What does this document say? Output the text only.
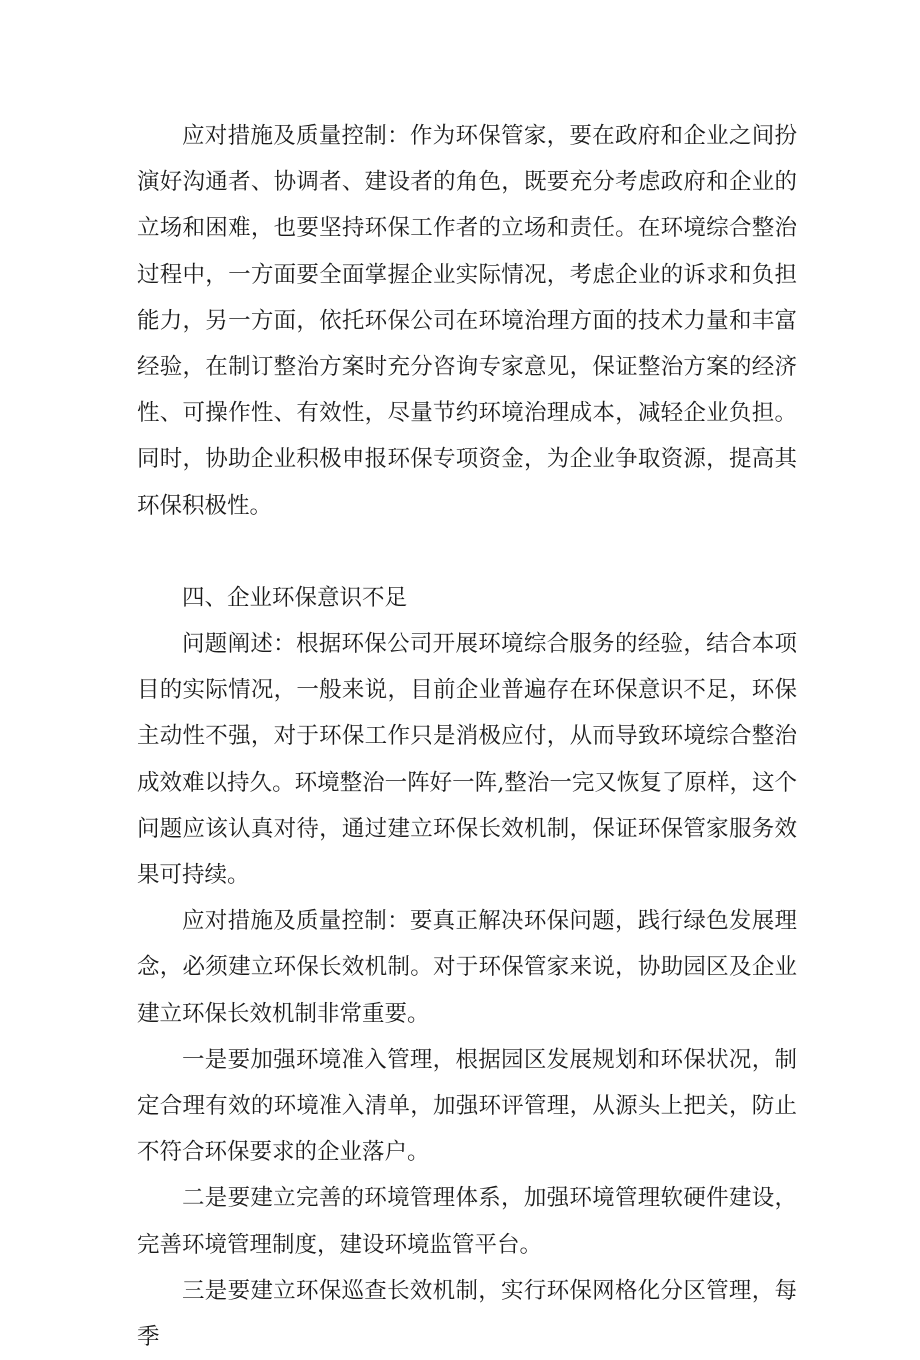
应对措施及质量控制：作为环保管家，要在政府和企业之间扮演好沟通者、协调者、建设者的角色，既要充分考虑政府和企业的立场和困难，也要坚持环保工作者的立场和责任。在环境综合整治过程中，一方面要全面掌握企业实际情况，考虑企业的诉求和负担能力，另一方面，依托环保公司在环境治理方面的技术力量和丰富经验，在制订整治方案时充分咨询专家意见，保证整治方案的经济性、可操作性、有效性，尽量节约环境治理成本，减轻企业负担。同时，协助企业积极申报环保专项资金，为企业争取资源，提高其环保积极性。

四、企业环保意识不足

问题阐述：根据环保公司开展环境综合服务的经验，结合本项目的实际情况，一般来说，目前企业普遍存在环保意识不足，环保主动性不强，对于环保工作只是消极应付，从而导致环境综合整治成效难以持久。环境整治一阵好一阵,整治一完又恢复了原样，这个问题应该认真对待，通过建立环保长效机制，保证环保管家服务效果可持续。

应对措施及质量控制：要真正解决环保问题，践行绿色发展理念，必须建立环保长效机制。对于环保管家来说，协助园区及企业建立环保长效机制非常重要。

一是要加强环境准入管理，根据园区发展规划和环保状况，制定合理有效的环境准入清单，加强环评管理，从源头上把关，防止不符合环保要求的企业落户。

二是要建立完善的环境管理体系，加强环境管理软硬件建设，完善环境管理制度，建设环境监管平台。

三是要建立环保巡查长效机制，实行环保网格化分区管理，每季
